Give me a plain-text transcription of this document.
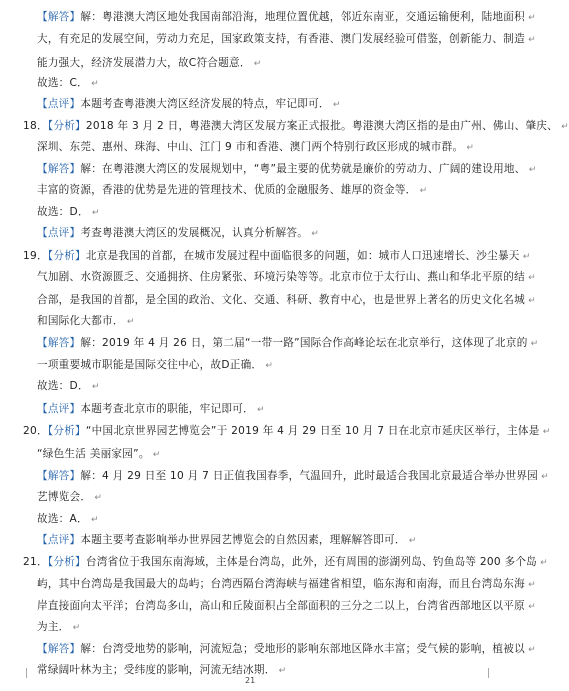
【解答】解：粤港澳大湾区地处我国南部沿海，地理位置优越，邻近东南亚，交通运输便利，陆地面积 ↵
大，有充足的发展空间，劳动力充足，国家政策支持，有香港、澳门发展经验可借鉴，创新能力、制造 ↵
能力强大，经济发展潜力大，故C符合题意． ↵
故选：C． ↵
【点评】本题考查粤港澳大湾区经济发展的特点，牢记即可． ↵
18．【分析】2018 年 3 月 2 日，粤港澳大湾区发展方案正式报批。粤港澳大湾区指的是由广州、佛山、肇庆、 ↵
深圳、东莞、惠州、珠海、中山、江门 9 市和香港、澳门两个特别行政区形成的城市群。 ↵
【解答】解：在粤港澳大湾区的发展规划中，“粤”最主要的优势就是廉价的劳动力、广阔的建设用地、 ↵
丰富的资源，香港的优势是先进的管理技术、优质的金融服务、雄厚的资金等． ↵
故选：D． ↵
【点评】考查粤港澳大湾区的发展概况，认真分析解答。 ↵
19．【分析】北京是我国的首都，在城市发展过程中面临很多的问题，如：城市人口迅速增长、沙尘暴天 ↵
气加剧、水资源匮乏、交通拥挤、住房紧张、环境污染等等。北京市位于太行山、燕山和华北平原的结 ↵
合部，是我国的首都，是全国的政治、文化、交通、科研、教育中心，也是世界上著名的历史文化名城 ↵
和国际化大都市． ↵
【解答】解：2019 年 4 月 26 日，第二届“一带一路”国际合作高峰论坛在北京举行，这体现了北京的 ↵
一项重要城市职能是国际交往中心，故D正确． ↵
故选：D． ↵
【点评】本题考查北京市的职能，牢记即可． ↵
20．【分析】“中国北京世界园艺博览会”于 2019 年 4 月 29 日至 10 月 7 日在北京市延庆区举行，主体是 ↵
“绿色生活 美丽家园”。 ↵
【解答】解：4 月 29 日至 10 月 7 日正值我国春季，气温回升，此时最适合我国北京最适合举办世界园 ↵
艺博览会． ↵
故选：A． ↵
【点评】本题主要考查影响举办世界园艺博览会的自然因素，理解解答即可． ↵
21．【分析】台湾省位于我国东南海域，主体是台湾岛，此外，还有周围的澎湖列岛、钓鱼岛等 200 多个岛 ↵
屿，其中台湾岛是我国最大的岛屿；台湾西隔台湾海峡与福建省相望，临东海和南海，而且台湾岛东海 ↵
岸直接面向太平洋；台湾岛多山，高山和丘陵面积占全部面积的三分之二以上，台湾省西部地区以平原 ↵
为主． ↵
【解答】解：台湾受地势的影响，河流短急；受地形的影响东部地区降水丰富；受气候的影响，植被以 ↵
常绿阔叶林为主；受纬度的影响，河流无结冰期． ↵
21
